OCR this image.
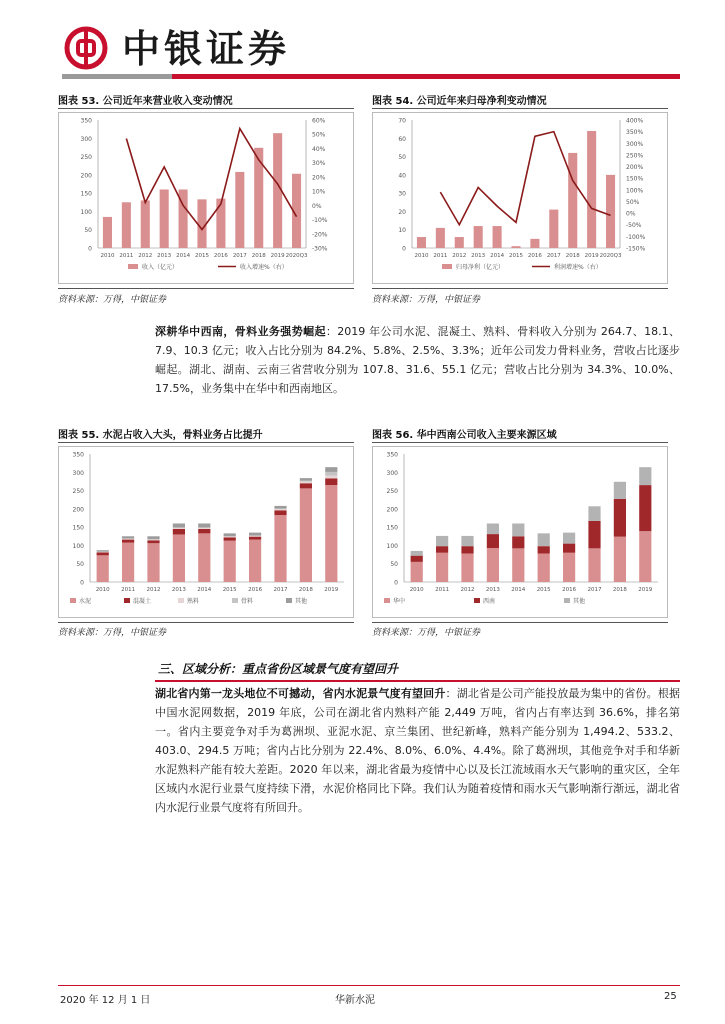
中银证券
图表 53. 公司近年来营业收入变动情况
0
50
100
150
200
250
300
350
-30%
-20%
-10%
0%
10%
20%
30%
40%
50%
60%
2010 2011 2012 2013 2014 2015 2016 2017 2018 2019 2020Q3
收入（亿元）	收入增速%（右）
资料来源：万得，中银证券
图表 54. 公司近年来归母净利变动情况
0
10
20
30
40
50
60
70
-150%
-100%
-50%
0%
50%
100%
150%
200%
250%
300%
350%
400%
2010 2011 2012 2013 2014 2015 2016 2017 2018 2019 2020Q3
归母净利（亿元）	利润增速%（右）
资料来源：万得，中银证券
深耕华中西南，骨料业务强势崛起：2019 年公司水泥、混凝土、熟料、骨料收入分别为 264.7、18.1、7.9、10.3 亿元；收入占比分别为 84.2%、5.8%、2.5%、3.3%；近年公司发力骨料业务，营收占比逐步崛起。湖北、湖南、云南三省营收分别为 107.8、31.6、55.1 亿元；营收占比分别为 34.3%、10.0%、17.5%，业务集中在华中和西南地区。
图表 55. 水泥占收入大头，骨料业务占比提升
0
50
100
150
200
250
300
350
2010 2011 2012 2013 2014 2015 2016 2017 2018 2019
水泥	混凝土	熟料	骨料	其他
资料来源：万得，中银证券
图表 56. 华中西南公司收入主要来源区域
0
50
100
150
200
250
300
350
2010 2011 2012 2013 2014 2015 2016 2017 2018 2019
华中	西南	其他
资料来源：万得，中银证券
三、区域分析：重点省份区域景气度有望回升
湖北省内第一龙头地位不可撼动，省内水泥景气度有望回升：湖北省是公司产能投放最为集中的省份。根据中国水泥网数据，2019 年底，公司在湖北省内熟料产能 2,449 万吨，省内占有率达到 36.6%，排名第一。省内主要竞争对手为葛洲坝、亚泥水泥、京兰集团、世纪新峰，熟料产能分别为 1,494.2、533.2、403.0、294.5 万吨；省内占比分别为 22.4%、8.0%、6.0%、4.4%。除了葛洲坝，其他竞争对手和华新水泥熟料产能有较大差距。2020 年以来，湖北省最为疫情中心以及长江流域雨水天气影响的重灾区，全年区域内水泥行业景气度持续下滑，水泥价格同比下降。我们认为随着疫情和雨水天气影响渐行渐远，湖北省内水泥行业景气度将有所回升。
2020 年 12 月 1 日	华新水泥	25
